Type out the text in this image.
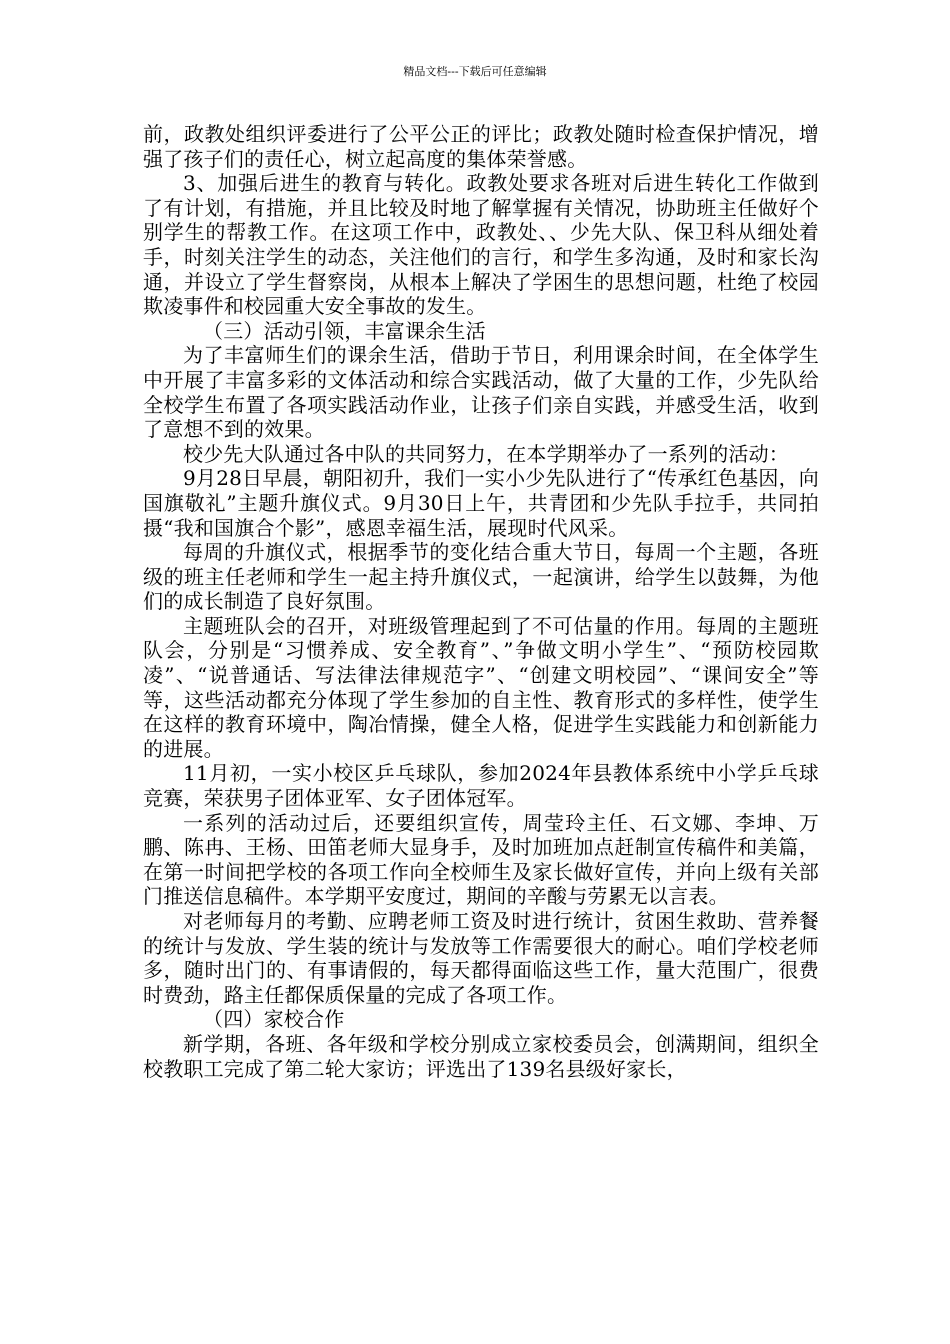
精品文档---下载后可任意编辑

前，政教处组织评委进行了公平公正的评比；政教处随时检查保护情况，增强了孩子们的责任心，树立起高度的集体荣誉感。

3、加强后进生的教育与转化。政教处要求各班对后进生转化工作做到了有计划，有措施，并且比较及时地了解掌握有关情况，协助班主任做好个别学生的帮教工作。在这项工作中，政教处、、少先大队、保卫科从细处着手，时刻关注学生的动态，关注他们的言行，和学生多沟通，及时和家长沟通，并设立了学生督察岗，从根本上解决了学困生的思想问题，杜绝了校园欺凌事件和校园重大安全事故的发生。

（三）活动引领，丰富课余生活

为了丰富师生们的课余生活，借助于节日，利用课余时间，在全体学生中开展了丰富多彩的文体活动和综合实践活动，做了大量的工作，少先队给全校学生布置了各项实践活动作业，让孩子们亲自实践，并感受生活，收到了意想不到的效果。

校少先大队通过各中队的共同努力，在本学期举办了一系列的活动：

9月28日早晨，朝阳初升，我们一实小少先队进行了“传承红色基因，向国旗敬礼”主题升旗仪式。9月30日上午，共青团和少先队手拉手，共同拍摄“我和国旗合个影”，感恩幸福生活，展现时代风采。

每周的升旗仪式，根据季节的变化结合重大节日，每周一个主题，各班级的班主任老师和学生一起主持升旗仪式，一起演讲，给学生以鼓舞，为他们的成长制造了良好氛围。

主题班队会的召开，对班级管理起到了不可估量的作用。每周的主题班队会，分别是“习惯养成、安全教育”、”争做文明小学生”、“预防校园欺凌”、“说普通话、写法律法律规范字”、“创建文明校园”、“课间安全”等等，这些活动都充分体现了学生参加的自主性、教育形式的多样性，使学生在这样的教育环境中，陶冶情操，健全人格，促进学生实践能力和创新能力的进展。

11月初，一实小校区乒乓球队，参加2024年县教体系统中小学乒乓球竞赛，荣获男子团体亚军、女子团体冠军。

一系列的活动过后，还要组织宣传，周莹玲主任、石文娜、李坤、万鹏、陈冉、王杨、田笛老师大显身手，及时加班加点赶制宣传稿件和美篇，在第一时间把学校的各项工作向全校师生及家长做好宣传，并向上级有关部门推送信息稿件。本学期平安度过，期间的辛酸与劳累无以言表。

对老师每月的考勤、应聘老师工资及时进行统计，贫困生救助、营养餐的统计与发放、学生装的统计与发放等工作需要很大的耐心。咱们学校老师多，随时出门的、有事请假的，每天都得面临这些工作，量大范围广，很费时费劲，路主任都保质保量的完成了各项工作。

（四）家校合作

新学期，各班、各年级和学校分别成立家校委员会，创满期间，组织全校教职工完成了第二轮大家访；评选出了139名县级好家长，
